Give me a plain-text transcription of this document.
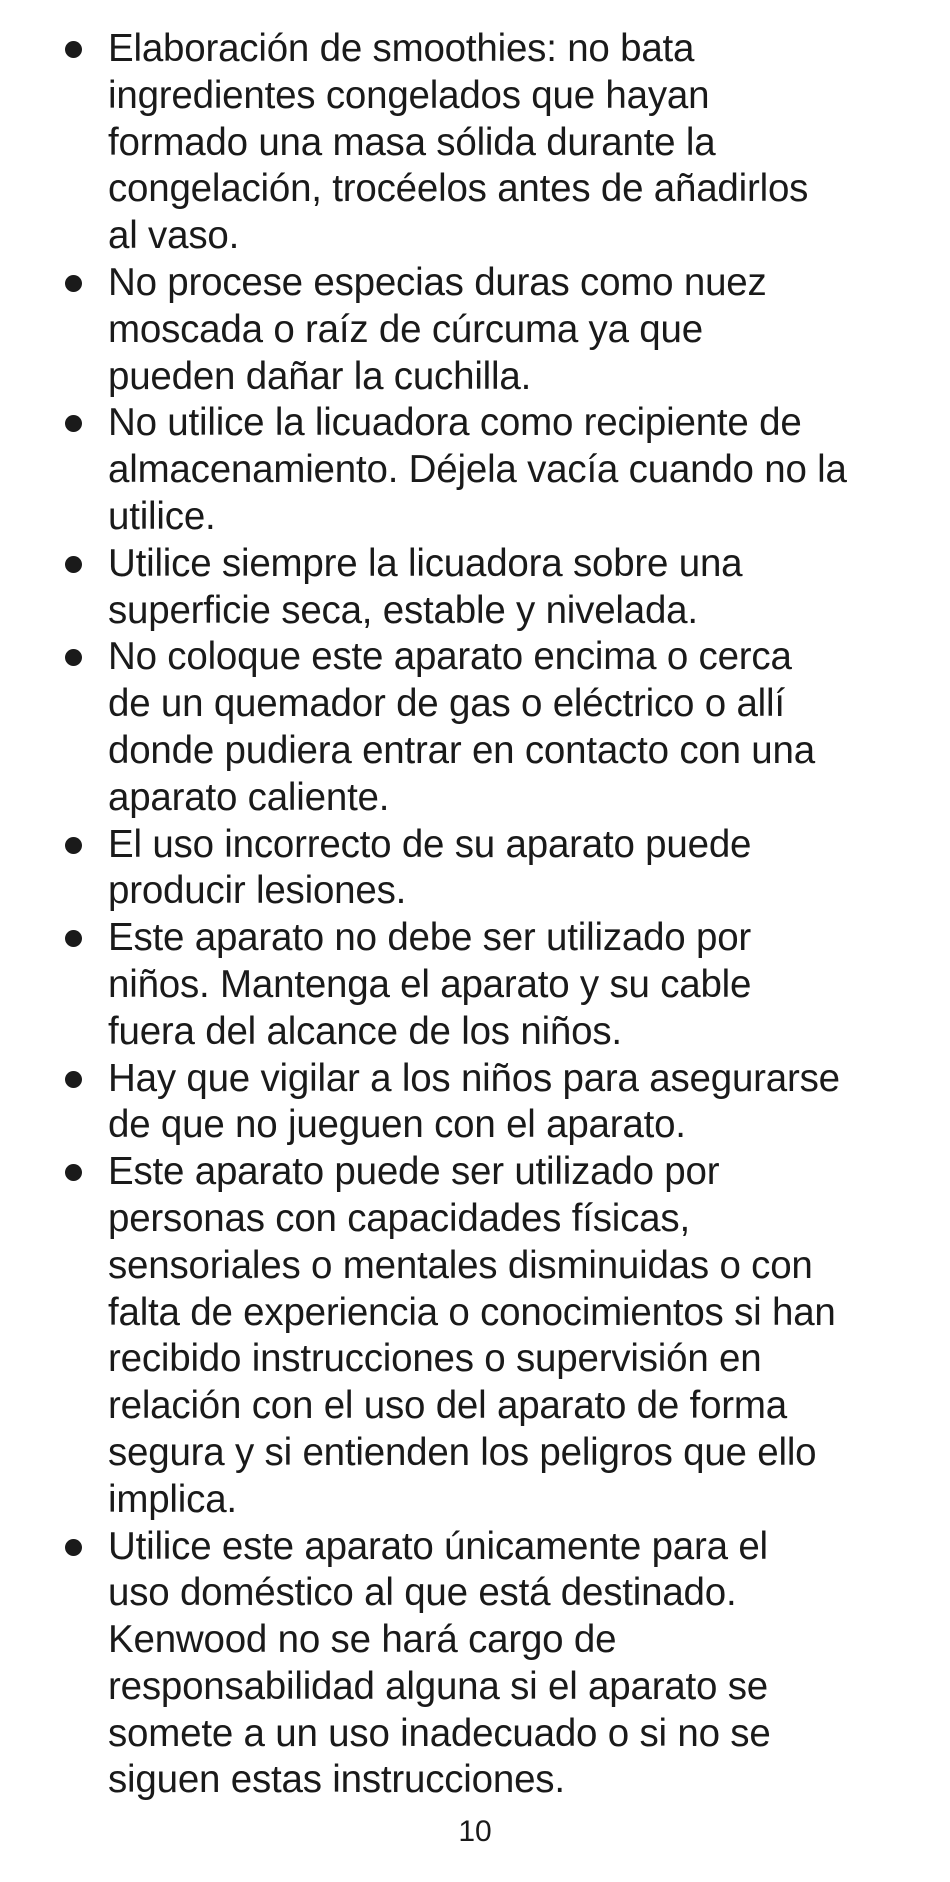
Elaboración de smoothies: no bata
ingredientes congelados que hayan
formado una masa sólida durante la
congelación, trocéelos antes de añadirlos
al vaso.
No procese especias duras como nuez
moscada o raíz de cúrcuma ya que
pueden dañar la cuchilla.
No utilice la licuadora como recipiente de
almacenamiento. Déjela vacía cuando no la
utilice.
Utilice siempre la licuadora sobre una
superficie seca, estable y nivelada.
No coloque este aparato encima o cerca
de un quemador de gas o eléctrico o allí
donde pudiera entrar en contacto con una
aparato caliente.
El uso incorrecto de su aparato puede
producir lesiones.
Este aparato no debe ser utilizado por
niños. Mantenga el aparato y su cable
fuera del alcance de los niños.
Hay que vigilar a los niños para asegurarse
de que no jueguen con el aparato.
Este aparato puede ser utilizado por
personas con capacidades físicas,
sensoriales o mentales disminuidas o con
falta de experiencia o conocimientos si han
recibido instrucciones o supervisión en
relación con el uso del aparato de forma
segura y si entienden los peligros que ello
implica.
Utilice este aparato únicamente para el
uso doméstico al que está destinado.
Kenwood no se hará cargo de
responsabilidad alguna si el aparato se
somete a un uso inadecuado o si no se
siguen estas instrucciones.
10
